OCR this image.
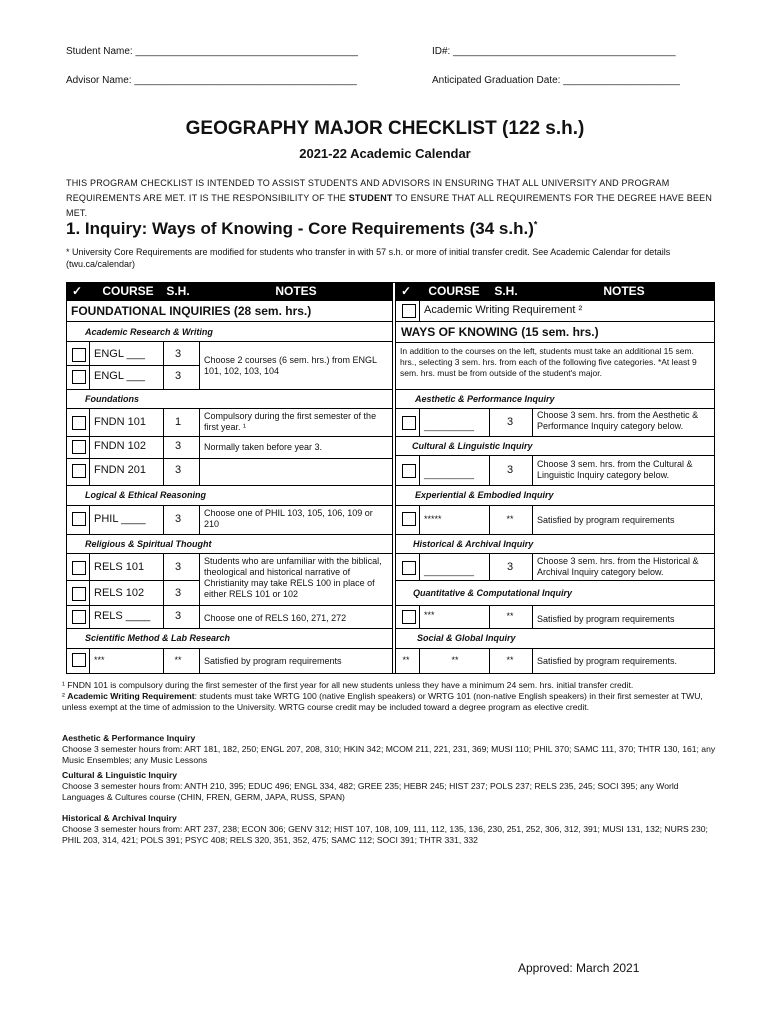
Student Name: ________________________________________	ID#: ________________________________________
Advisor Name: ________________________________________	Anticipated Graduation Date: _____________________
GEOGRAPHY MAJOR CHECKLIST (122 s.h.)
2021-22 Academic Calendar
THIS PROGRAM CHECKLIST IS INTENDED TO ASSIST STUDENTS AND ADVISORS IN ENSURING THAT ALL UNIVERSITY AND PROGRAM REQUIREMENTS ARE MET. IT IS THE RESPONSIBILITY OF THE STUDENT TO ENSURE THAT ALL REQUIREMENTS FOR THE DEGREE HAVE BEEN MET.
1. Inquiry: Ways of Knowing - Core Requirements (34 s.h.)*
* University Core Requirements are modified for students who transfer in with 57 s.h. or more of initial transfer credit. See Academic Calendar for details (twu.ca/calendar)
✓	COURSE	S.H.	NOTES	✓	COURSE	S.H.	NOTES
FOUNDATIONAL INQUIRIES (28 sem. hrs.)
Academic Research & Writing
ENGL ___	3
ENGL ___	3
Choose 2 courses (6 sem. hrs.) from ENGL 101, 102, 103, 104
Foundations
FNDN 101	1	Compulsory during the first semester of the first year. ¹
FNDN 102	3	Normally taken before year 3.
FNDN 201	3
Logical & Ethical Reasoning
PHIL ____	3	Choose one of PHIL 103, 105, 106, 109 or 210
Religious & Spiritual Thought
RELS 101	3
RELS 102	3
Students who are unfamiliar with the biblical, theological and historical narrative of Christianity may take RELS 100 in place of either RELS 101 or 102
RELS ____	3	Choose one of RELS 160, 271, 272
Scientific Method & Lab Research
***	**	Satisfied by program requirements
Academic Writing Requirement ²
WAYS OF KNOWING (15 sem. hrs.)
In addition to the courses on the left, students must take an additional 15 sem. hrs., selecting 3 sem. hrs. from each of the following five categories. *At least 9 sem. hrs. must be from outside of the student's major.
Aesthetic & Performance Inquiry
__________	3
Choose 3 sem. hrs. from the Aesthetic & Performance Inquiry category below.
Cultural & Linguistic Inquiry
__________	3	Choose 3 sem. hrs. from the Cultural & Linguistic Inquiry category below.
Experiential & Embodied Inquiry
*****	**	Satisfied by program requirements
Historical & Archival Inquiry
__________	3	Choose 3 sem. hrs. from the Historical & Archival Inquiry category below.
Quantitative & Computational Inquiry
***	**	Satisfied by program requirements
Social & Global Inquiry
**	**	**	Satisfied by program requirements.
¹ FNDN 101 is compulsory during the first semester of the first year for all new students unless they have a minimum 24 sem. hrs. initial transfer credit.
² Academic Writing Requirement: students must take WRTG 100 (native English speakers) or WRTG 101 (non-native English speakers) in their first semester at TWU, unless exempt at the time of admission to the University. WRTG course credit may be included toward a degree program as elective credit.
Aesthetic & Performance Inquiry
Choose 3 semester hours from: ART 181, 182, 250; ENGL 207, 208, 310; HKIN 342; MCOM 211, 221, 231, 369; MUSI 110; PHIL 370; SAMC 111, 370; THTR 130, 161; any Music Ensembles; any Music Lessons
Cultural & Linguistic Inquiry
Choose 3 semester hours from: ANTH 210, 395; EDUC 496; ENGL 334, 482; GREE 235; HEBR 245; HIST 237; POLS 237; RELS 235, 245; SOCI 395; any World Languages & Cultures course (CHIN, FREN, GERM, JAPA, RUSS, SPAN)
Historical & Archival Inquiry
Choose 3 semester hours from: ART 237, 238; ECON 306; GENV 312; HIST 107, 108, 109, 111, 112, 135, 136, 230, 251, 252, 306, 312, 391; MUSI 131, 132; NURS 230; PHIL 203, 314, 421; POLS 391; PSYC 408; RELS 320, 351, 352, 475; SAMC 112; SOCI 391; THTR 331, 332
Approved: March 2021
